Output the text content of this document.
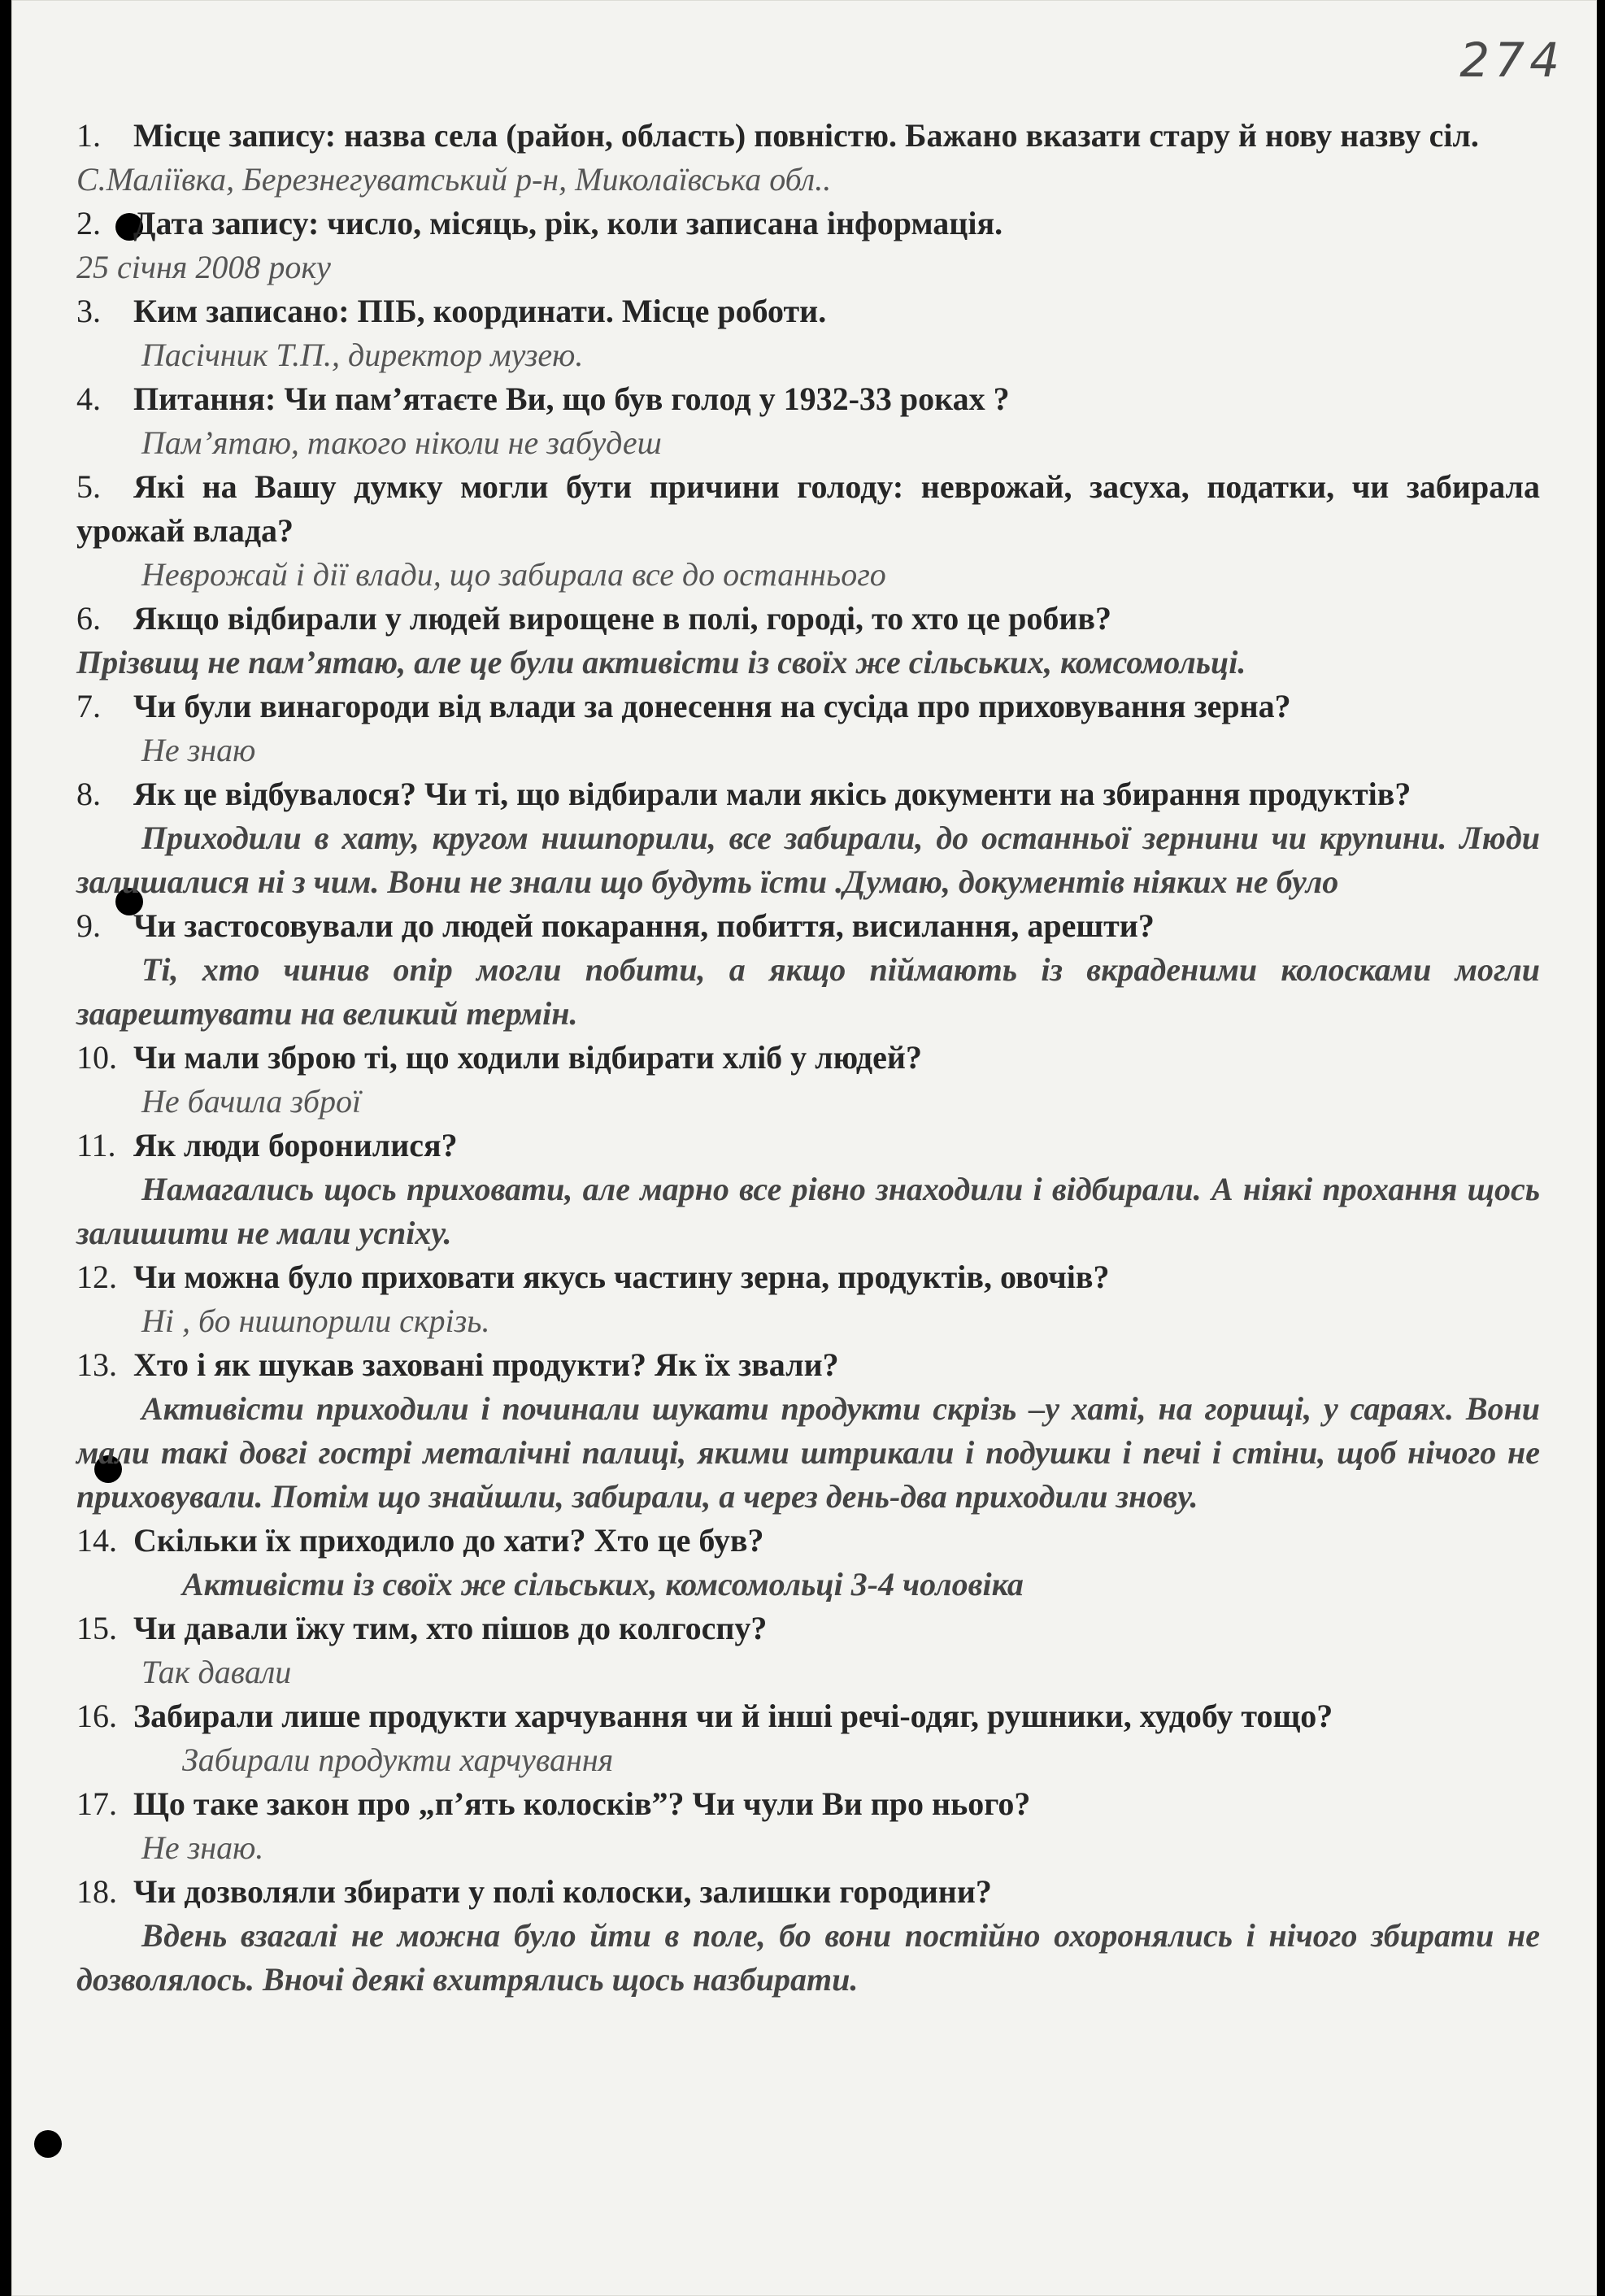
274

1. Місце запису: назва села (район, область) повністю. Бажано вказати стару й нову назву сіл.

С.Маліївка, Березнегуватський р-н, Миколаївська обл..

2. Дата запису: число, місяць, рік, коли записана інформація.

25 січня 2008 року

3. Ким записано: ПІБ, координати. Місце роботи.

Пасічник Т.П., директор музею.

4. Питання: Чи пам’ятаєте Ви, що був голод у 1932-33 роках ?

Пам’ятаю, такого ніколи не забудеш

5. Які на Вашу думку могли бути причини голоду: неврожай, засуха, податки, чи забирала урожай влада?

Неврожай і дії влади, що забирала все до останнього

6. Якщо відбирали у людей вирощене в полі, городі, то хто це робив?

Прізвищ не пам’ятаю, але це були активісти із своїх же сільських, комсомольці.

7. Чи були винагороди від влади за донесення на сусіда про приховування зерна?

Не знаю

8. Як це відбувалося? Чи ті, що відбирали мали якісь документи на збирання продуктів?

Приходили в хату, кругом нишпорили, все забирали, до останньої зернини чи крупини. Люди залишалися ні з чим. Вони не знали що будуть їсти .Думаю, документів ніяких не було

9. Чи застосовували до людей покарання, побиття, висилання, арешти?

Ті, хто чинив опір могли побити, а якщо піймають із вкраденими колосками могли заарештувати на великий термін.

10. Чи мали зброю ті, що ходили відбирати хліб у людей?

Не бачила зброї

11. Як люди боронилися?

Намагались щось приховати, але марно все рівно знаходили і відбирали. А ніякі прохання щось залишити не мали успіху.

12. Чи можна було приховати якусь частину зерна, продуктів, овочів?

Ні , бо нишпорили скрізь.

13. Хто і як шукав заховані продукти? Як їх звали?

Активісти приходили і починали шукати продукти скрізь –у хаті, на горищі, у сараях. Вони мали такі довгі гострі металічні палиці, якими штрикали і подушки і печі і стіни, щоб нічого не приховували. Потім що знайшли, забирали, а через день-два приходили знову.

14. Скільки їх приходило до хати? Хто це був?

Активісти із своїх же сільських, комсомольці 3-4 чоловіка

15. Чи давали їжу тим, хто пішов до колгоспу?

Так давали

16. Забирали лише продукти харчування чи й інші речі-одяг, рушники, худобу тощо?

Забирали продукти харчування

17. Що таке закон про „п’ять колосків”? Чи чули Ви про нього?

Не знаю.

18. Чи дозволяли збирати у полі колоски, залишки городини?

Вдень взагалі не можна було йти в поле, бо вони постійно охоронялись і нічого збирати не дозволялось. Вночі деякі вхитрялись щось назбирати.
